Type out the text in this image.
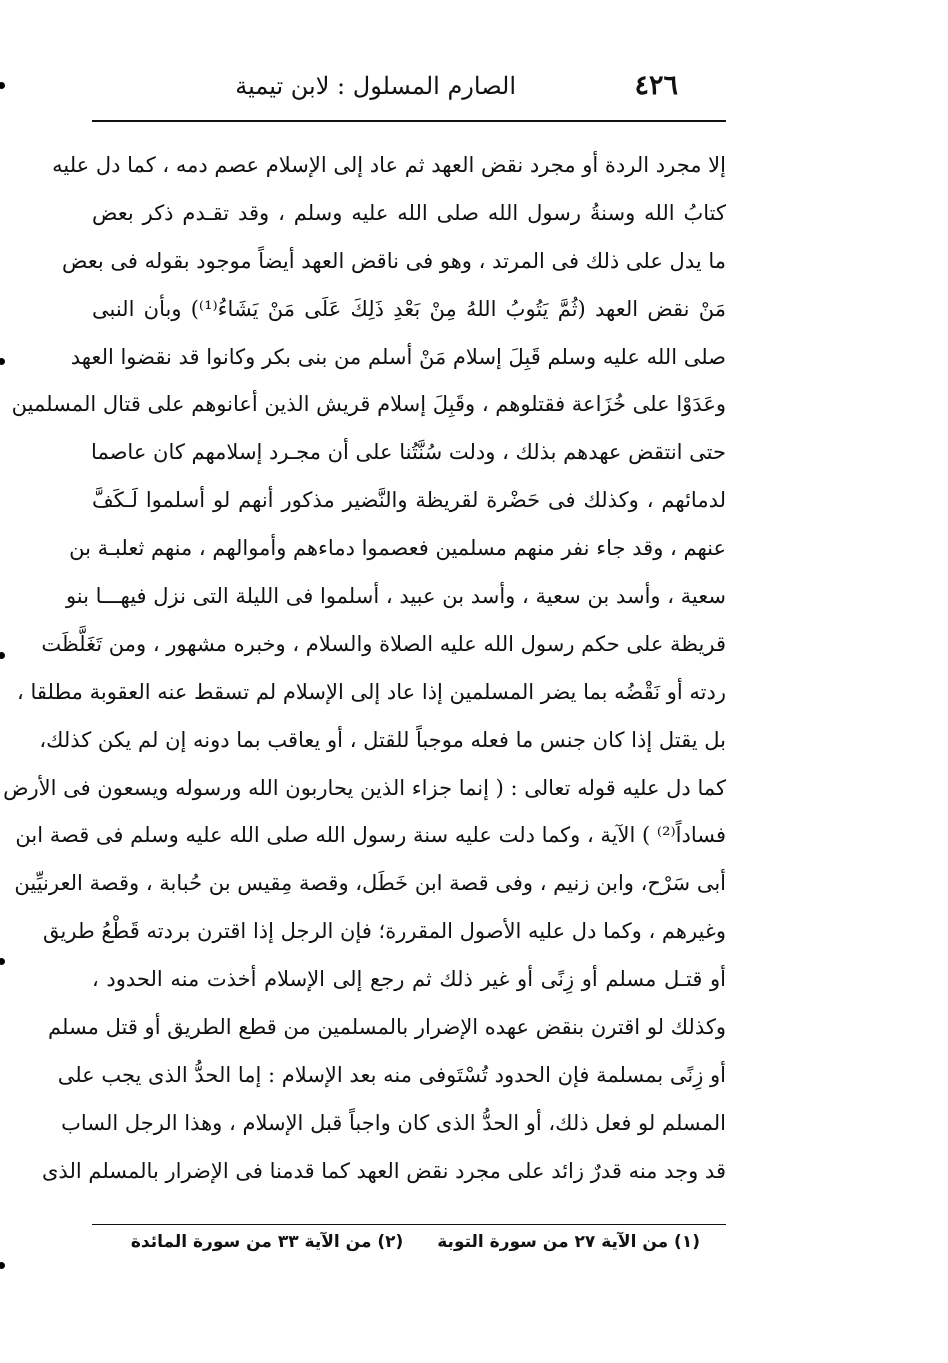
٤٢٦
الصارم المسلول : لابن تيمية
إلا مجرد الردة أو مجرد نقض العهد ثم عاد إلى الإسلام عصم دمه ، كما دل عليه
كتابُ الله وسنةُ رسول الله صلى الله عليه وسلم ، وقد تقـدم ذكر بعض
ما يدل على ذلك فى المرتد ، وهو فى ناقض العهد أيضاً موجود بقوله فى بعض
مَنْ نقض العهد (ثُمَّ يَتُوبُ اللهُ مِنْ بَعْدِ ذَلِكَ عَلَى مَنْ يَشَاءُ⁽¹⁾) وبأن النبى
صلى الله عليه وسلم قَبِلَ إسلام مَنْ أسلم من بنى بكر وكانوا قد نقضوا العهد
وعَدَوْا على خُزَاعة فقتلوهم ، وقَبِلَ إسلام قريش الذين أعانوهم على قتال المسلمين
حتى انتقض عهدهم بذلك ، ودلت سُنَّتُنا على أن مجـرد إسلامهم كان عاصما
لدمائهم ، وكذلك فى حَضْرة لقريظة والنَّضير مذكور أنهم لو أسلموا لَـكَفَّ
عنهم ، وقد جاء نفر منهم مسلمين فعصموا دماءهم وأموالهم ، منهم ثعلبـة بن
سعية ، وأسد بن سعية ، وأسد بن عبيد ، أسلموا فى الليلة التى نزل فيهـــا بنو
قريظة على حكم رسول الله عليه الصلاة والسلام ، وخبره مشهور ، ومن تَغَلَّظَت
ردته أو نَقْضُه بما يضر المسلمين إذا عاد إلى الإسلام لم تسقط عنه العقوبة مطلقا ،
بل يقتل إذا كان جنس ما فعله موجباً للقتل ، أو يعاقب بما دونه إن لم يكن كذلك،
كما دل عليه قوله تعالى : ( إنما جزاء الذين يحاربون الله ورسوله ويسعون فى الأرض
فساداً⁽²⁾ ) الآية ، وكما دلت عليه سنة رسول الله صلى الله عليه وسلم فى قصة ابن
أبى سَرْح، وابن زنيم ، وفى قصة ابن خَطَل، وقصة مِقيس بن حُبابة ، وقصة العرنيِّين
وغيرهم ، وكما دل عليه الأصول المقررة؛ فإن الرجل إذا اقترن بردته قَطْعُ طريق
أو قتـل مسلم أو زِنًى أو غير ذلك ثم رجع إلى الإسلام أخذت منه الحدود ،
وكذلك لو اقترن بنقض عهده الإضرار بالمسلمين من قطع الطريق أو قتل مسلم
أو زِنًى بمسلمة فإن الحدود تُسْتَوفى منه بعد الإسلام : إما الحدُّ الذى يجب على
المسلم لو فعل ذلك، أو الحدُّ الذى كان واجباً قبل الإسلام ، وهذا الرجل الساب
قد وجد منه قدرٌ زائد على مجرد نقض العهد كما قدمنا فى الإضرار بالمسلم الذى
(١) من الآية ٢٧ من سورة التوبة (٢) من الآية ٣٣ من سورة المائدة
